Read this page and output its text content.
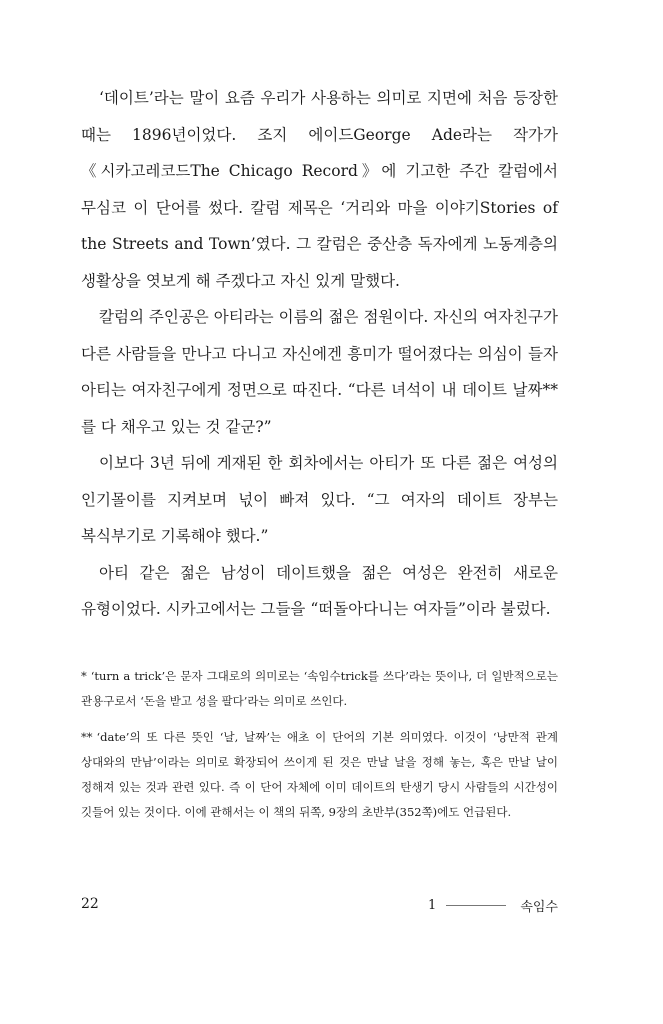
‘데이트’라는 말이 요즘 우리가 사용하는 의미로 지면에 처음 등장한 때는 1896년이었다. 조지 에이드George Ade라는 작가가 《시카고레코드The Chicago Record》에 기고한 주간 칼럼에서 무심코 이 단어를 썼다. 칼럼 제목은 ‘거리와 마을 이야기Stories of the Streets and Town’였다. 그 칼럼은 중산층 독자에게 노동계층의 생활상을 엿보게 해 주겠다고 자신 있게 말했다.

칼럼의 주인공은 아티라는 이름의 젊은 점원이다. 자신의 여자친구가 다른 사람들을 만나고 다니고 자신에겐 흥미가 떨어졌다는 의심이 들자 아티는 여자친구에게 정면으로 따진다. “다른 녀석이 내 데이트 날짜**를 다 채우고 있는 것 같군?”

이보다 3년 뒤에 게재된 한 회차에서는 아티가 또 다른 젊은 여성의 인기몰이를 지켜보며 넋이 빠져 있다. “그 여자의 데이트 장부는 복식부기로 기록해야 했다.”

아티 같은 젊은 남성이 데이트했을 젊은 여성은 완전히 새로운 유형이었다. 시카고에서는 그들을 “떠돌아다니는 여자들”이라 불렀다.

* ‘turn a trick’은 문자 그대로의 의미로는 ‘속임수trick를 쓰다’라는 뜻이나, 더 일반적으로는 관용구로서 ‘돈을 받고 성을 팔다’라는 의미로 쓰인다.

** ‘date’의 또 다른 뜻인 ‘날, 날짜’는 애초 이 단어의 기본 의미였다. 이것이 ‘낭만적 관계 상대와의 만남’이라는 의미로 확장되어 쓰이게 된 것은 만날 날을 정해 놓는, 혹은 만날 날이 정해져 있는 것과 관련 있다. 즉 이 단어 자체에 이미 데이트의 탄생기 당시 사람들의 시간성이 깃들어 있는 것이다. 이에 관해서는 이 책의 뒤쪽, 9장의 초반부(352쪽)에도 언급된다.

22	1	속임수
